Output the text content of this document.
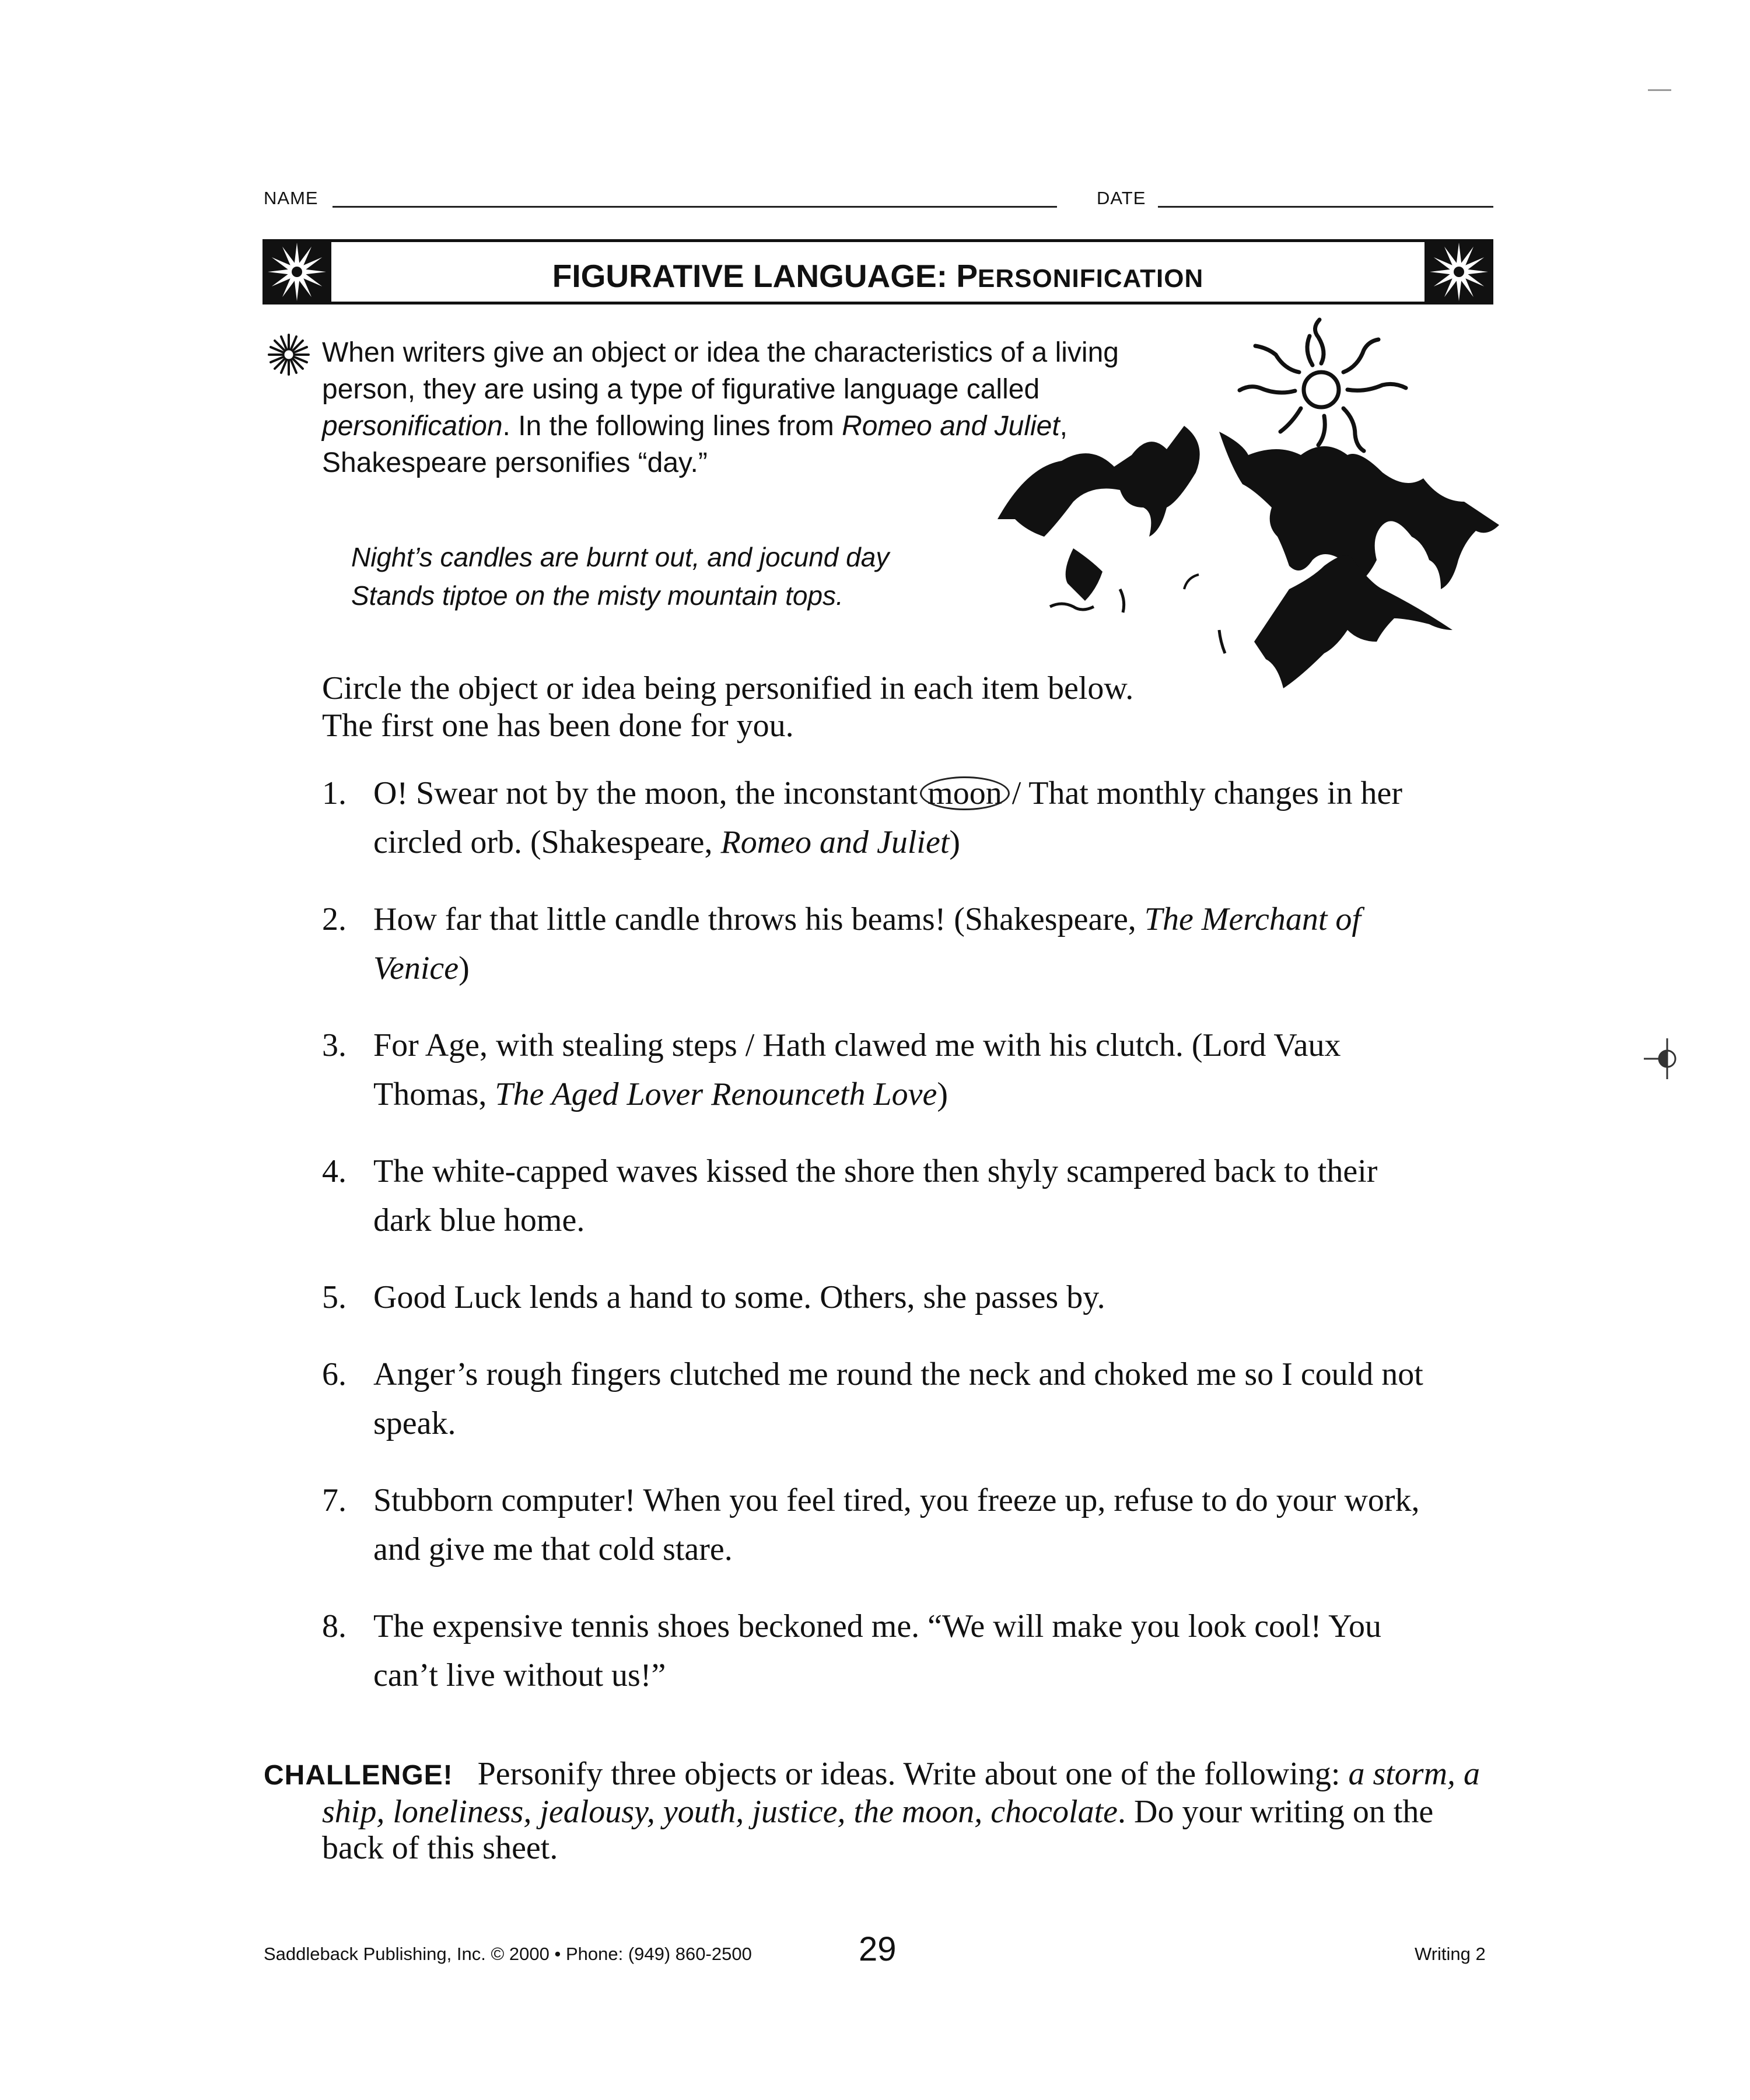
NAME	DATE
FIGURATIVE LANGUAGE: PERSONIFICATION

When writers give an object or idea the characteristics of a living person, they are using a type of figurative language called personification. In the following lines from Romeo and Juliet, Shakespeare personifies “day.”

Night’s candles are burnt out, and jocund day
Stands tiptoe on the misty mountain tops.

Circle the object or idea being personified in each item below. The first one has been done for you.

1. O! Swear not by the moon, the inconstant moon / That monthly changes in her circled orb. (Shakespeare, Romeo and Juliet)
2. How far that little candle throws his beams! (Shakespeare, The Merchant of Venice)
3. For Age, with stealing steps / Hath clawed me with his clutch. (Lord Vaux Thomas, The Aged Lover Renounceth Love)
4. The white-capped waves kissed the shore then shyly scampered back to their dark blue home.
5. Good Luck lends a hand to some. Others, she passes by.
6. Anger’s rough fingers clutched me round the neck and choked me so I could not speak.
7. Stubborn computer! When you feel tired, you freeze up, refuse to do your work, and give me that cold stare.
8. The expensive tennis shoes beckoned me. “We will make you look cool! You can’t live without us!”
CHALLENGE! Personify three objects or ideas. Write about one of the following: a storm, a ship, loneliness, jealousy, youth, justice, the moon, chocolate. Do your writing on the back of this sheet.
Saddleback Publishing, Inc. © 2000 • Phone: (949) 860-2500	29	Writing 2
